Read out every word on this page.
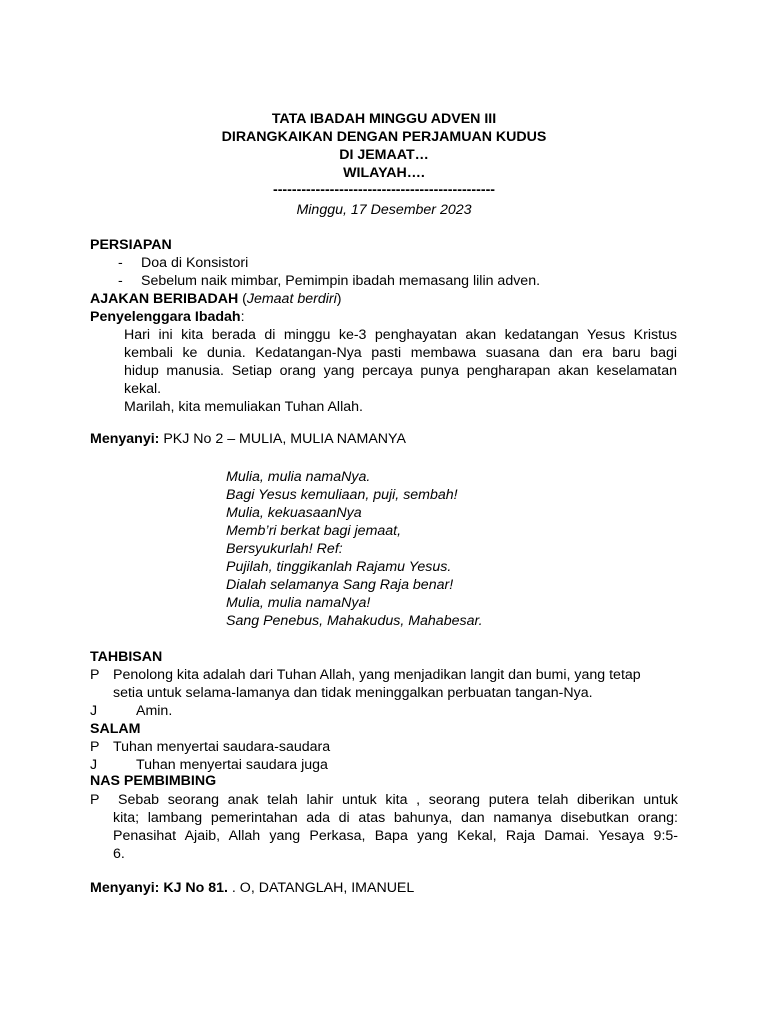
TATA IBADAH MINGGU ADVEN III
DIRANGKAIKAN DENGAN PERJAMUAN KUDUS
DI JEMAAT…
WILAYAH….
-----------------------------------------------
Minggu, 17 Desember 2023
PERSIAPAN
- Doa di Konsistori
- Sebelum naik mimbar, Pemimpin ibadah memasang lilin adven.
AJAKAN BERIBADAH (Jemaat berdiri)
Penyelenggara Ibadah:
Hari ini kita berada di minggu ke-3 penghayatan akan kedatangan Yesus Kristus
kembali ke dunia. Kedatangan-Nya pasti membawa suasana dan era baru bagi
hidup manusia. Setiap orang yang percaya punya pengharapan akan keselamatan
kekal.
Marilah, kita memuliakan Tuhan Allah.
Menyanyi: PKJ No 2 – MULIA, MULIA NAMANYA
Mulia, mulia namaNya.
Bagi Yesus kemuliaan, puji, sembah!
Mulia, kekuasaanNya
Memb’ri berkat bagi jemaat,
Bersyukurlah! Ref:
Pujilah, tinggikanlah Rajamu Yesus.
Dialah selamanya Sang Raja benar!
Mulia, mulia namaNya!
Sang Penebus, Mahakudus, Mahabesar.
TAHBISAN
P Penolong kita adalah dari Tuhan Allah, yang menjadikan langit dan bumi, yang tetap
setia untuk selama-lamanya dan tidak meninggalkan perbuatan tangan-Nya.
J	Amin.
SALAM
P Tuhan menyertai saudara-saudara
J	Tuhan menyertai saudara juga
NAS PEMBIMBING
P Sebab seorang anak telah lahir untuk kita , seorang putera telah diberikan untuk
kita; lambang pemerintahan ada di atas bahunya, dan namanya disebutkan orang:
Penasihat Ajaib, Allah yang Perkasa, Bapa yang Kekal, Raja Damai. Yesaya 9:5-
6.
Menyanyi: KJ No 81. . O, DATANGLAH, IMANUEL
